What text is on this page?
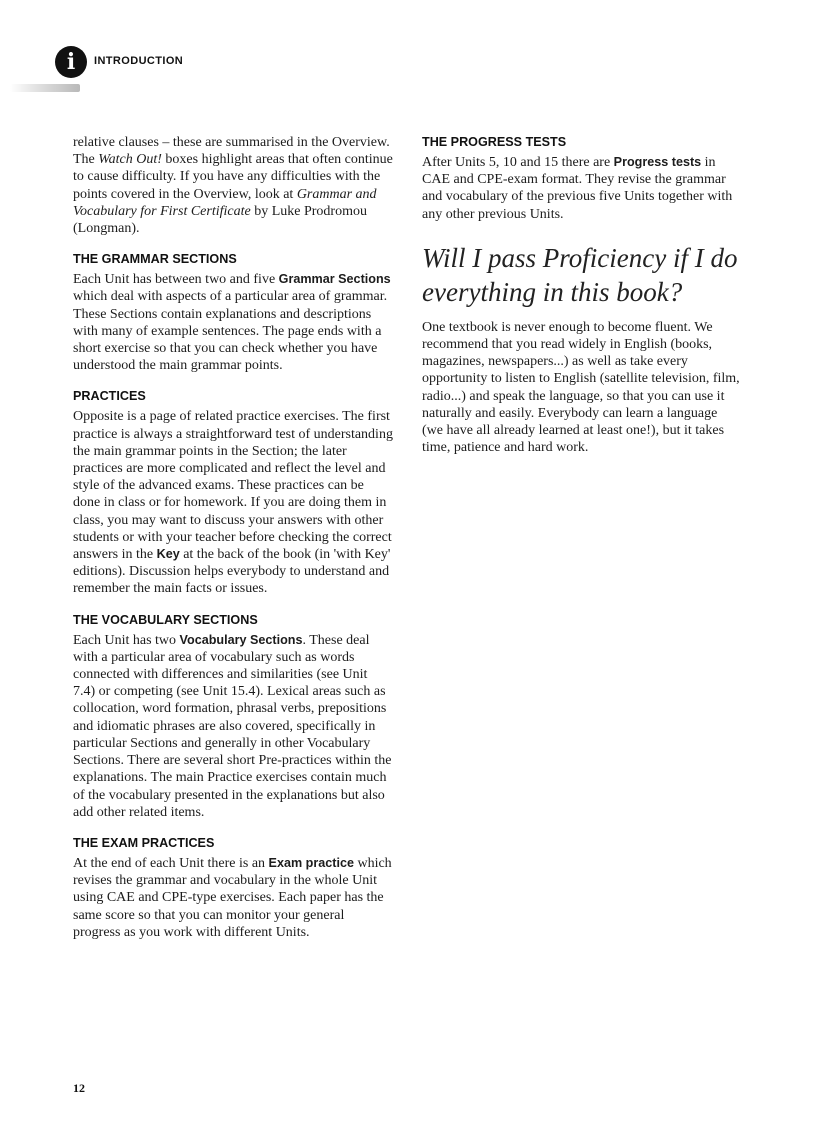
i	INTRODUCTION

relative clauses – these are summarised in the Overview. The Watch Out! boxes highlight areas that often continue to cause difficulty. If you have any difficulties with the points covered in the Overview, look at Grammar and Vocabulary for First Certificate by Luke Prodromou (Longman).

THE GRAMMAR SECTIONS

Each Unit has between two and five Grammar Sections which deal with aspects of a particular area of grammar. These Sections contain explanations and descriptions with many of example sentences. The page ends with a short exercise so that you can check whether you have understood the main grammar points.

PRACTICES

Opposite is a page of related practice exercises. The first practice is always a straightforward test of understanding the main grammar points in the Section; the later practices are more complicated and reflect the level and style of the advanced exams. These practices can be done in class or for homework. If you are doing them in class, you may want to discuss your answers with other students or with your teacher before checking the correct answers in the Key at the back of the book (in 'with Key' editions). Discussion helps everybody to understand and remember the main facts or issues.

THE VOCABULARY SECTIONS

Each Unit has two Vocabulary Sections. These deal with a particular area of vocabulary such as words connected with differences and similarities (see Unit 7.4) or competing (see Unit 15.4). Lexical areas such as collocation, word formation, phrasal verbs, prepositions and idiomatic phrases are also covered, specifically in particular Sections and generally in other Vocabulary Sections. There are several short Pre-practices within the explanations. The main Practice exercises contain much of the vocabulary presented in the explanations but also add other related items.

THE EXAM PRACTICES

At the end of each Unit there is an Exam practice which revises the grammar and vocabulary in the whole Unit using CAE and CPE-type exercises. Each paper has the same score so that you can monitor your general progress as you work with different Units.

THE PROGRESS TESTS

After Units 5, 10 and 15 there are Progress tests in CAE and CPE-exam format. They revise the grammar and vocabulary of the previous five Units together with any other previous Units.

Will I pass Proficiency if I do everything in this book?

One textbook is never enough to become fluent. We recommend that you read widely in English (books, magazines, newspapers...) as well as take every opportunity to listen to English (satellite television, film, radio...) and speak the language, so that you can use it naturally and easily. Everybody can learn a language (we have all already learned at least one!), but it takes time, patience and hard work.

12
